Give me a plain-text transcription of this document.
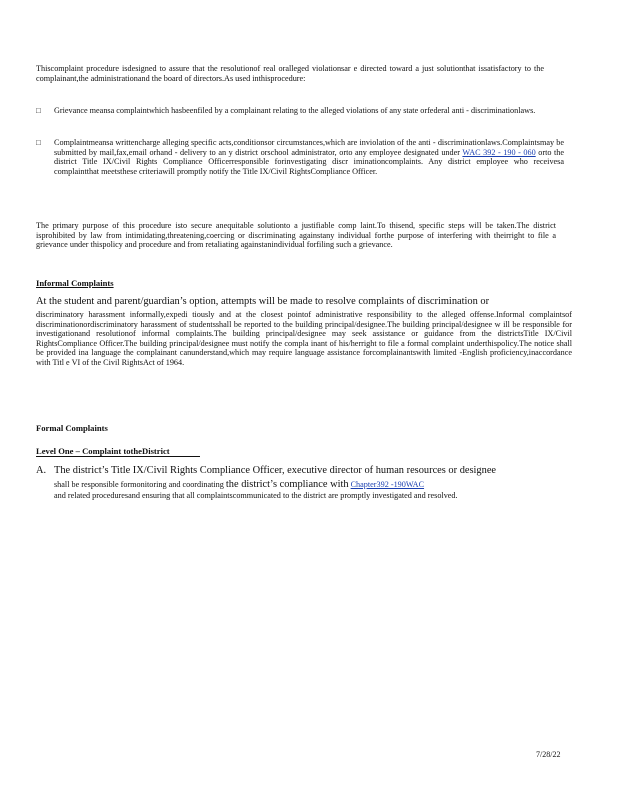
Thiscomplaint procedure isdesigned to assure that the resolutionof real oralleged violationsar e directed toward a just solutionthat issatisfactory to the complainant,the administrationand the board of directors.As used inthisprocedure:
□ Grievance meansa complaintwhich hasbeenfiled by a complainant relating to the alleged violations of any state orfederal anti - discriminationlaws.
□ Complaintmeansa writtencharge alleging specific acts,conditionsor circumstances,which are inviolation of the anti - discriminationlaws.Complaintsmay be submitted by mail,fax,email orhand - delivery to an y district orschool administrator, orto any employee designated under WAC 392 - 190 - 060 orto the district Title IX/Civil Rights Compliance Officerresponsible forinvestigating discr iminationcomplaints. Any district employee who receivesa complaintthat meetsthese criteriawill promptly notify the Title IX/Civil RightsCompliance Officer.
The primary purpose of this procedure isto secure anequitable solutionto a justifiable comp laint.To thisend, specific steps will be taken.The district isprohibited by law from intimidating,threatening,coercing or discriminating againstany individual forthe purpose of interfering with theirright to file a grievance under thispolicy and procedure and from retaliating againstanindividual forfiling such a grievance.
Informal Complaints
At the student and parent/guardian’s option, attempts will be made to resolve complaints of discrimination or
discriminatory harassment informally,expedi tiously and at the closest pointof administrative responsibility to the alleged offense.Informal complaintsof discriminationordiscriminatory harassment of studentsshall be reported to the building principal/designee.The building principal/designee w ill be responsible for investigationand resolutionof informal complaints.The building principal/designee may seek assistance or guidance from the districtsTitle IX/Civil RightsCompliance Officer.The building principal/designee must notify the compla inant of his/herright to file a formal complaint underthispolicy.The notice shall be provided ina language the complainant canunderstand,which may require language assistance forcomplainantswith limited -English proficiency,inaccordance with Titl e VI of the Civil RightsAct of 1964.
Formal Complaints
Level One – Complaint totheDistrict
A. The district’s Title IX/Civil Rights Compliance Officer, executive director of human resources or designee
shall be responsible formonitoring and coordinating the district’s compliance with Chapter392 -190WAC
and related proceduresand ensuring that all complaintscommunicated to the district are promptly investigated and resolved.
7/28/22
